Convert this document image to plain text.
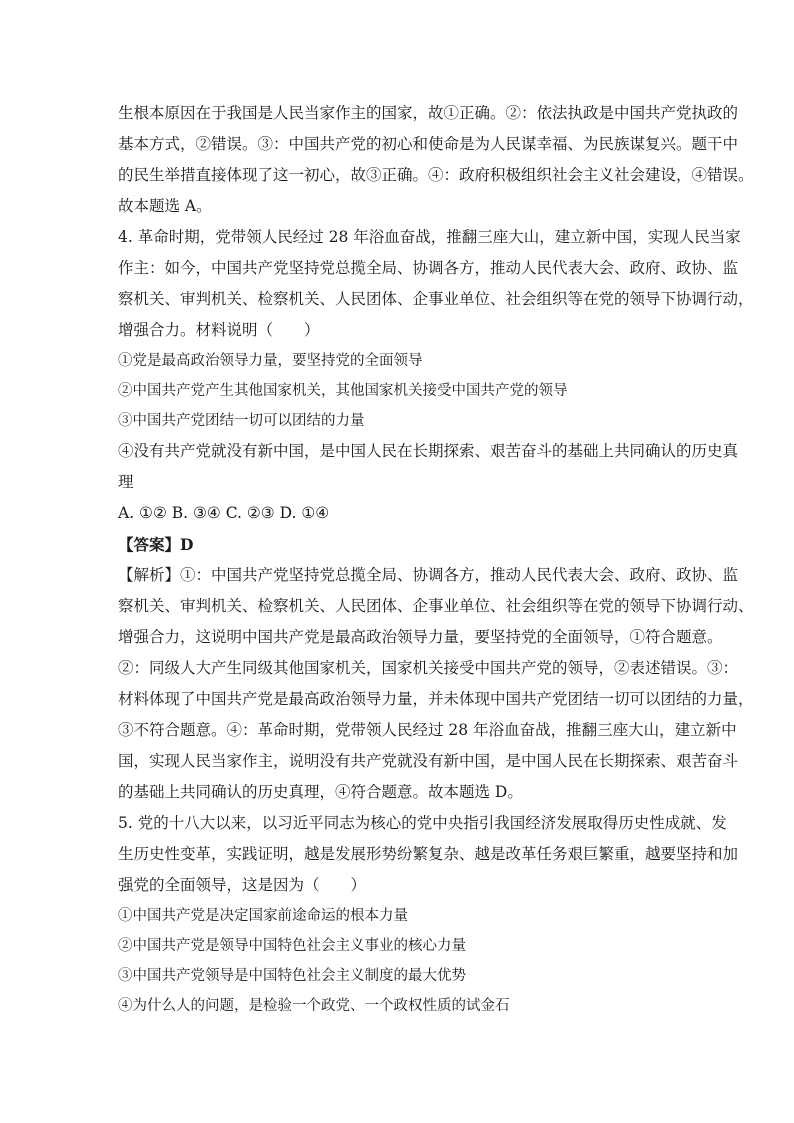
生根本原因在于我国是人民当家作主的国家，故①正确。②：依法执政是中国共产党执政的
基本方式，②错误。③：中国共产党的初心和使命是为人民谋幸福、为民族谋复兴。题干中
的民生举措直接体现了这一初心，故③正确。④：政府积极组织社会主义社会建设，④错误。
故本题选 A。
4. 革命时期，党带领人民经过 28 年浴血奋战，推翻三座大山，建立新中国，实现人民当家
作主：如今，中国共产党坚持党总揽全局、协调各方，推动人民代表大会、政府、政协、监
察机关、审判机关、检察机关、人民团体、企事业单位、社会组织等在党的领导下协调行动，
增强合力。材料说明（　　）
①党是最高政治领导力量，要坚持党的全面领导
②中国共产党产生其他国家机关，其他国家机关接受中国共产党的领导
③中国共产党团结一切可以团结的力量
④没有共产党就没有新中国，是中国人民在长期探索、艰苦奋斗的基础上共同确认的历史真
理
A. ①② B. ③④ C. ②③ D. ①④
【答案】D
【解析】①：中国共产党坚持党总揽全局、协调各方，推动人民代表大会、政府、政协、监
察机关、审判机关、检察机关、人民团体、企事业单位、社会组织等在党的领导下协调行动、
增强合力，这说明中国共产党是最高政治领导力量，要坚持党的全面领导，①符合题意。
②：同级人大产生同级其他国家机关，国家机关接受中国共产党的领导，②表述错误。③：
材料体现了中国共产党是最高政治领导力量，并未体现中国共产党团结一切可以团结的力量，
③不符合题意。④：革命时期，党带领人民经过 28 年浴血奋战，推翻三座大山，建立新中
国，实现人民当家作主，说明没有共产党就没有新中国，是中国人民在长期探索、艰苦奋斗
的基础上共同确认的历史真理，④符合题意。故本题选 D。
5. 党的十八大以来，以习近平同志为核心的党中央指引我国经济发展取得历史性成就、发
生历史性变革，实践证明，越是发展形势纷繁复杂、越是改革任务艰巨繁重，越要坚持和加
强党的全面领导，这是因为（　　）
①中国共产党是决定国家前途命运的根本力量
②中国共产党是领导中国特色社会主义事业的核心力量
③中国共产党领导是中国特色社会主义制度的最大优势
④为什么人的问题，是检验一个政党、一个政权性质的试金石
